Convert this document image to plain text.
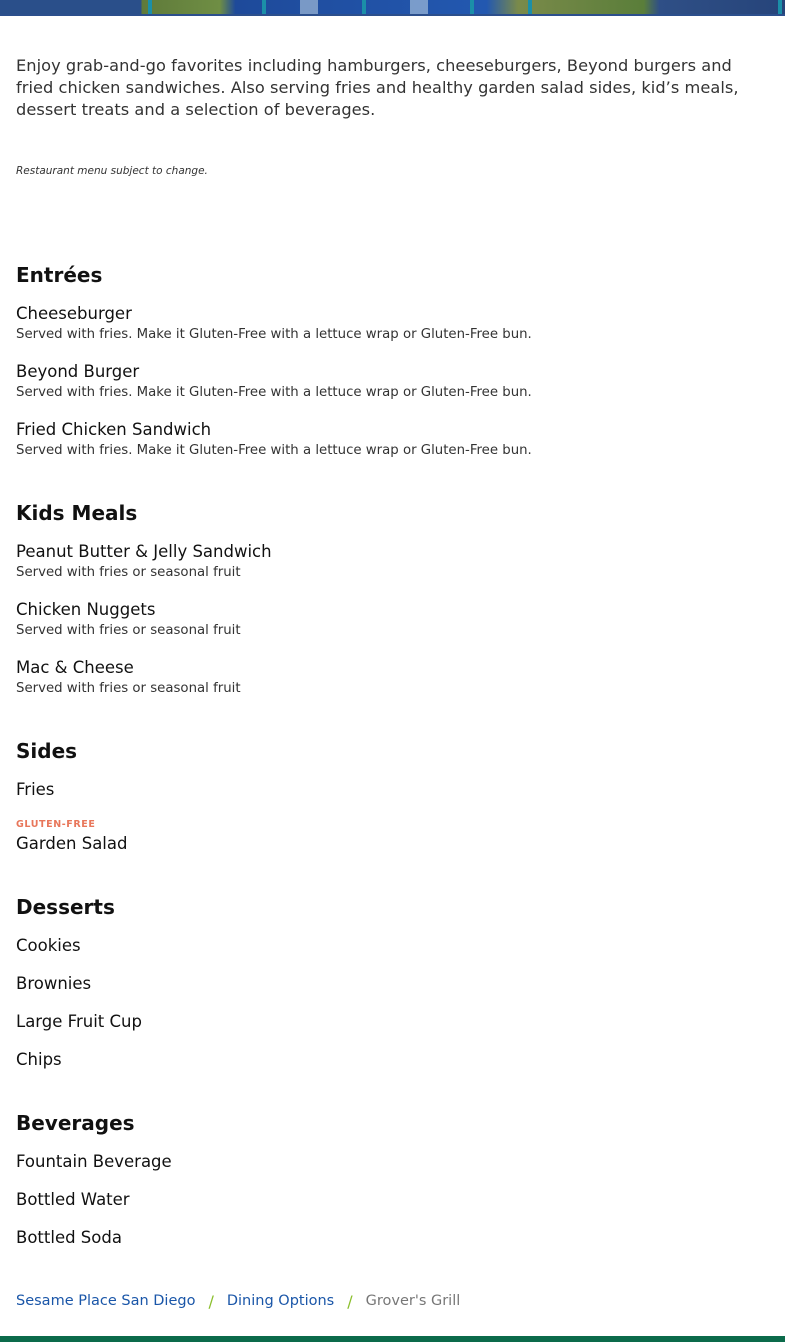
Enjoy grab-and-go favorites including hamburgers, cheeseburgers, Beyond burgers and fried chicken sandwiches. Also serving fries and healthy garden salad sides, kid’s meals, dessert treats and a selection of beverages.

Restaurant menu subject to change.
Entrées
Cheeseburger
Served with fries. Make it Gluten-Free with a lettuce wrap or Gluten-Free bun.
Beyond Burger
Served with fries. Make it Gluten-Free with a lettuce wrap or Gluten-Free bun.
Fried Chicken Sandwich
Served with fries. Make it Gluten-Free with a lettuce wrap or Gluten-Free bun.
Kids Meals
Peanut Butter & Jelly Sandwich
Served with fries or seasonal fruit
Chicken Nuggets
Served with fries or seasonal fruit
Mac & Cheese
Served with fries or seasonal fruit
Sides
Fries
GLUTEN-FREE
Garden Salad
Desserts
Cookies
Brownies
Large Fruit Cup
Chips
Beverages
Fountain Beverage
Bottled Water
Bottled Soda
Sesame Place San Diego / Dining Options / Grover's Grill
